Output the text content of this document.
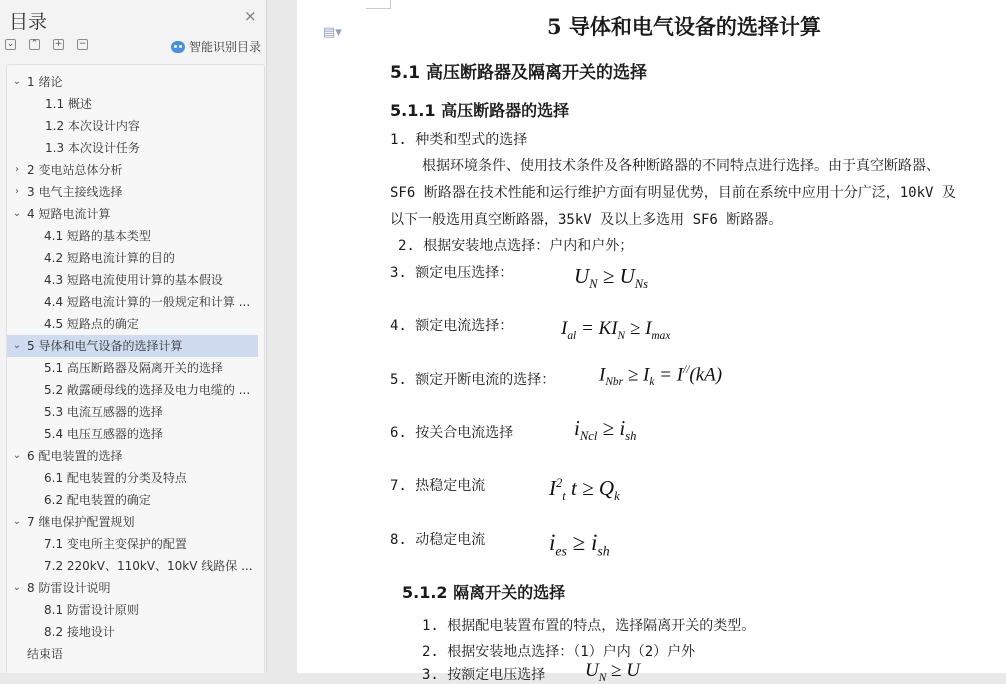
目录	×
⌄ ⌃ + −	智能识别目录
⌄ 1 绪论
1.1 概述
1.2 本次设计内容
1.3 本次设计任务
› 2 变电站总体分析
› 3 电气主接线选择
⌄ 4 短路电流计算
4.1 短路的基本类型
4.2 短路电流计算的目的
4.3 短路电流使用计算的基本假设
4.4 短路电流计算的一般规定和计算 ...
4.5 短路点的确定
⌄ 5 导体和电气设备的选择计算
5.1 高压断路器及隔离开关的选择
5.2 敞露硬母线的选择及电力电缆的 ...
5.3 电流互感器的选择
5.4 电压互感器的选择
⌄ 6 配电装置的选择
6.1 配电装置的分类及特点
6.2 配电装置的确定
⌄ 7 继电保护配置规划
7.1 变电所主变保护的配置
7.2 220kV、110kV、10kV 线路保 ...
⌄ 8 防雷设计说明
8.1 防雷设计原则
8.2 接地设计
结束语
▤▾	5 导体和电气设备的选择计算
5.1 高压断路器及隔离开关的选择
5.1.1 高压断路器的选择
1. 种类和型式的选择
根据环境条件、使用技术条件及各种断路器的不同特点进行选择。由于真空断路器、
SF6 断路器在技术性能和运行维护方面有明显优势，目前在系统中应用十分广泛，10kV 及
以下一般选用真空断路器，35kV 及以上多选用 SF6 断路器。
2. 根据安装地点选择：户内和户外；
3. 额定电压选择：	$U_N \ge U_{Ns}$
4. 额定电流选择：	$I_{al} = KI_N \ge I_{max}$
5. 额定开断电流的选择： $I_{Nbr} \ge I_k = I^{//}(kA)$
6. 按关合电流选择	$i_{Ncl} \ge i_{sh}$
7. 热稳定电流	$I^2_t$ $t \ge Q_k$
8. 动稳定电流	$i_{es} \ge i_{sh}$
5.1.2 隔离开关的选择
1. 根据配电装置布置的特点，选择隔离开关的类型。
2. 根据安装地点选择：（1）户内（2）户外
3. 按额定电压选择 $U_N \ge U$
